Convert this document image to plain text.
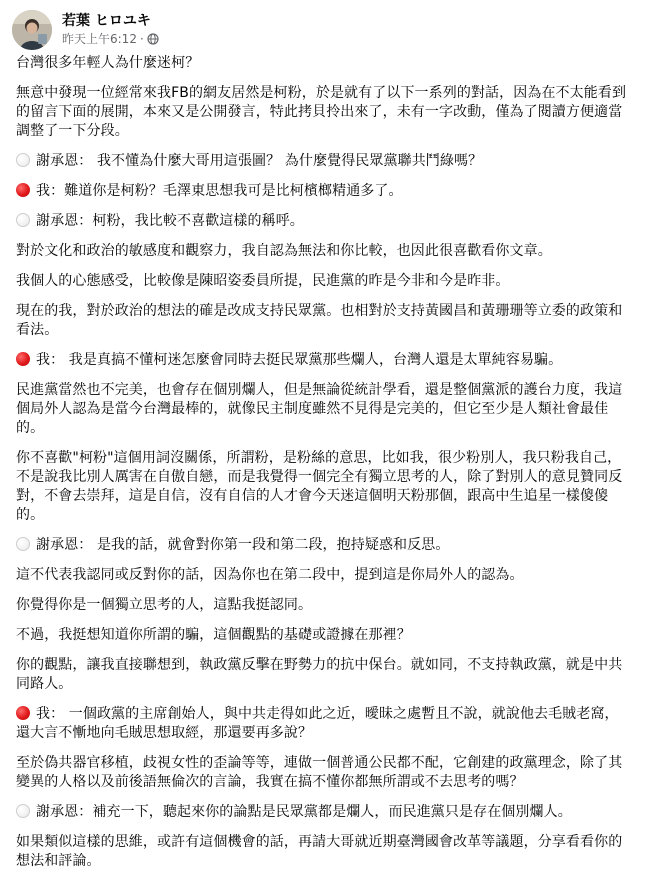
若葉 ヒロユキ
昨天上午6:12 ·

台灣很多年輕人為什麼迷柯？

無意中發現一位經常來我FB的網友居然是柯粉，於是就有了以下一系列的對話，因為在不太能看到
的留言下面的展開，本來又是公開發言，特此拷貝拎出來了，未有一字改動，僅為了閱讀方便適當
調整了一下分段。

謝承恩： 我不懂為什麼大哥用這張圖？ 為什麼覺得民眾黨聯共鬥綠嗎？

我：難道你是柯粉？毛澤東思想我可是比柯檳榔精通多了。

謝承恩：柯粉，我比較不喜歡這樣的稱呼。

對於文化和政治的敏感度和觀察力，我自認為無法和你比較，也因此很喜歡看你文章。

我個人的心態感受，比較像是陳昭姿委員所提，民進黨的昨是今非和今是昨非。

現在的我，對於政治的想法的確是改成支持民眾黨。也相對於支持黃國昌和黃珊珊等立委的政策和
看法。

我： 我是真搞不懂柯迷怎麼會同時去挺民眾黨那些爛人，台灣人還是太單純容易騙。

民進黨當然也不完美，也會存在個別爛人，但是無論從統計學看，還是整個黨派的護台力度，我這
個局外人認為是當今台灣最棒的，就像民主制度雖然不見得是完美的，但它至少是人類社會最佳
的。

你不喜歡"柯粉"這個用詞沒關係，所謂粉，是粉絲的意思，比如我，很少粉別人，我只粉我自己，
不是說我比別人厲害在自傲自戀，而是我覺得一個完全有獨立思考的人，除了對別人的意見贊同反
對，不會去崇拜，這是自信，沒有自信的人才會今天迷這個明天粉那個，跟高中生追星一樣傻傻
的。

謝承恩： 是我的話，就會對你第一段和第二段，抱持疑惑和反思。

這不代表我認同或反對你的話，因為你也在第二段中，提到這是你局外人的認為。

你覺得你是一個獨立思考的人，這點我挺認同。

不過，我挺想知道你所謂的騙，這個觀點的基礎或證據在那裡？

你的觀點，讓我直接聯想到，執政黨反擊在野勢力的抗中保台。就如同，不支持執政黨，就是中共
同路人。

我： 一個政黨的主席創始人，與中共走得如此之近，曖昧之處暫且不說，就說他去毛賊老窩，
還大言不慚地向毛賊思想取經，那還要再多說？

至於偽共器官移植，歧視女性的歪論等等，連做一個普通公民都不配，它創建的政黨理念，除了其
變異的人格以及前後語無倫次的言論，我實在搞不懂你都無所謂或不去思考的嗎？

謝承恩：補充一下，聽起來你的論點是民眾黨都是爛人，而民進黨只是存在個別爛人。

如果類似這樣的思維，或許有這個機會的話，再請大哥就近期臺灣國會改革等議題，分享看看你的
想法和評論。
